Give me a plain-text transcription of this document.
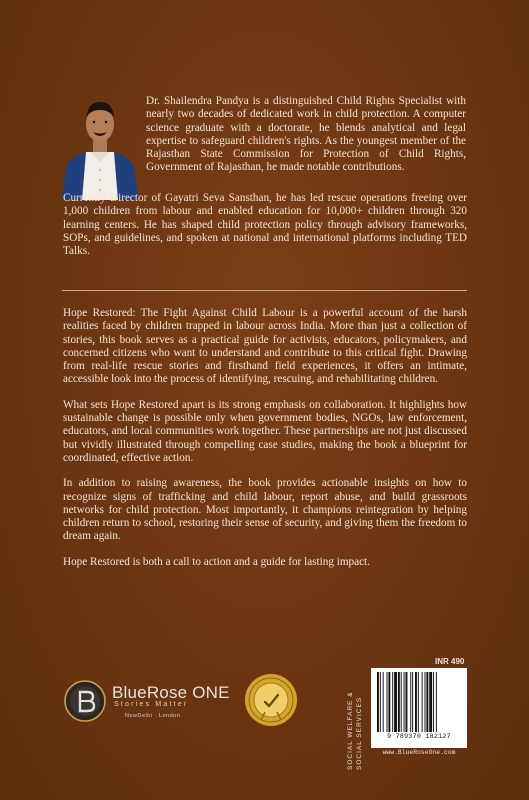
Dr. Shailendra Pandya is a distinguished Child Rights Specialist with nearly two decades of dedicated work in child protection. A computer science graduate with a doctorate, he blends analytical and legal expertise to safeguard children's rights. As the youngest member of the Rajasthan State Commission for Protection of Child Rights, Government of Rajasthan, he made notable contributions.
Currently Director of Gayatri Seva Sansthan, he has led rescue operations freeing over 1,000 children from labour and enabled education for 10,000+ children through 320 learning centers. He has shaped child protection policy through advisory frameworks, SOPs, and guidelines, and spoken at national and international platforms including TED Talks.

Hope Restored: The Fight Against Child Labour is a powerful account of the harsh realities faced by children trapped in labour across India. More than just a collection of stories, this book serves as a practical guide for activists, educators, policymakers, and concerned citizens who want to understand and contribute to this critical fight. Drawing from real-life rescue stories and firsthand field experiences, it offers an intimate, accessible look into the process of identifying, rescuing, and rehabilitating children.

What sets Hope Restored apart is its strong emphasis on collaboration. It highlights how sustainable change is possible only when government bodies, NGOs, law enforcement, educators, and local communities work together. These partnerships are not just discussed but vividly illustrated through compelling case studies, making the book a blueprint for coordinated, effective action.

In addition to raising awareness, the book provides actionable insights on how to recognize signs of trafficking and child labour, report abuse, and build grassroots networks for child protection. Most importantly, it champions reintegration by helping children return to school, restoring their sense of security, and giving them the freedom to dream again.

Hope Restored is both a call to action and a guide for lasting impact.

BlueRose ONE
Stories Matter
NewDelhi · London	SOCIAL WELFARE & SOCIAL SERVICES
INR 490
9 789370 182127
www.BlueRoseOne.com
